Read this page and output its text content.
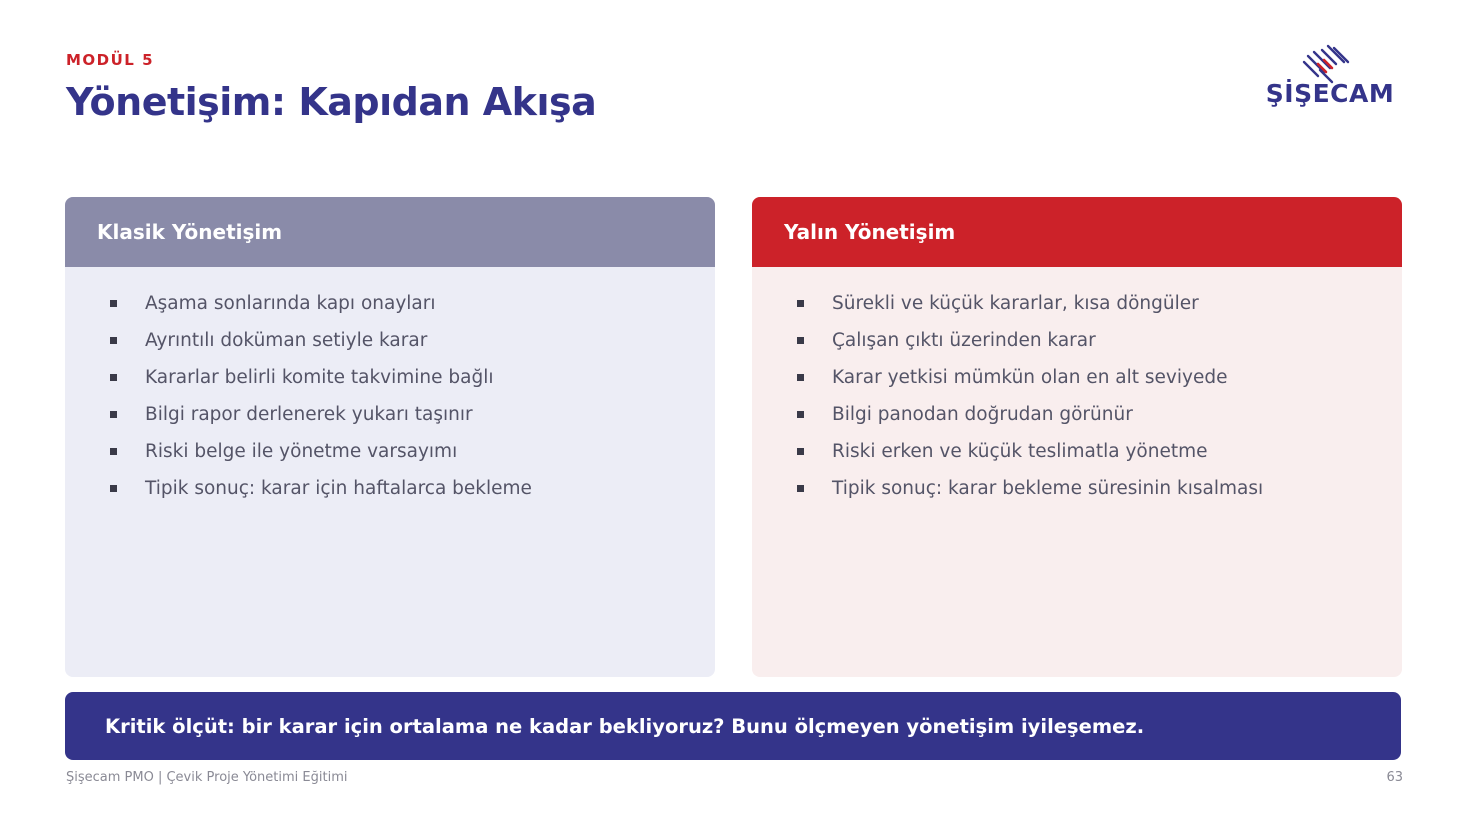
MODÜL 5
Yönetişim: Kapıdan Akışa	ŞİŞECAM
Klasik Yönetişim
Aşama sonlarında kapı onayları
Ayrıntılı doküman setiyle karar
Kararlar belirli komite takvimine bağlı
Bilgi rapor derlenerek yukarı taşınır
Riski belge ile yönetme varsayımı
Tipik sonuç: karar için haftalarca bekleme
Yalın Yönetişim
Sürekli ve küçük kararlar, kısa döngüler
Çalışan çıktı üzerinden karar
Karar yetkisi mümkün olan en alt seviyede
Bilgi panodan doğrudan görünür
Riski erken ve küçük teslimatla yönetme
Tipik sonuç: karar bekleme süresinin kısalması
Kritik ölçüt: bir karar için ortalama ne kadar bekliyoruz? Bunu ölçmeyen yönetişim iyileşemez.
Şişecam PMO | Çevik Proje Yönetimi Eğitimi	63
